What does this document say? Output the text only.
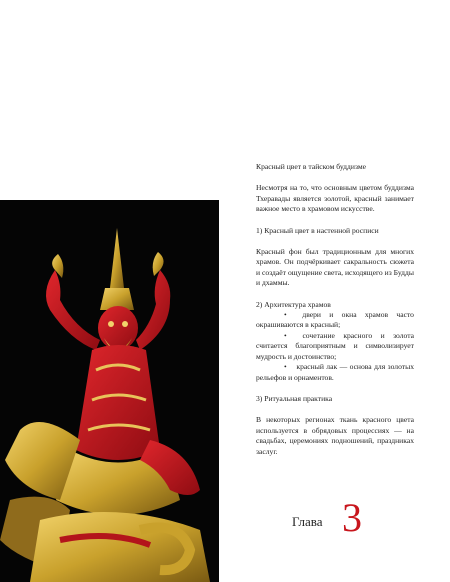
Красный цвет в тайском буддизме

Несмотря на то, что основным цветом буддизма Тхеравады является золотой, красный занимает важное место в храмовом искусстве.

1) Красный цвет в настенной росписи

Красный фон был традиционным для многих храмов. Он подчёркивает сакральность сюжета и создаёт ощущение света, исходящего из Будды и дхаммы.

2) Архитектура храмов

• двери и окна храмов часто окрашиваются в красный;

• сочетание красного и золота считается благоприятным и символизирует мудрость и достоинство;

• красный лак — основа для золотых рельефов и орнаментов.

3) Ритуальная практика

В некоторых регионах ткань красного цвета используется в обрядовых процессиях — на свадьбах, церемониях подношений, праздниках заслуг.

Глава 3
